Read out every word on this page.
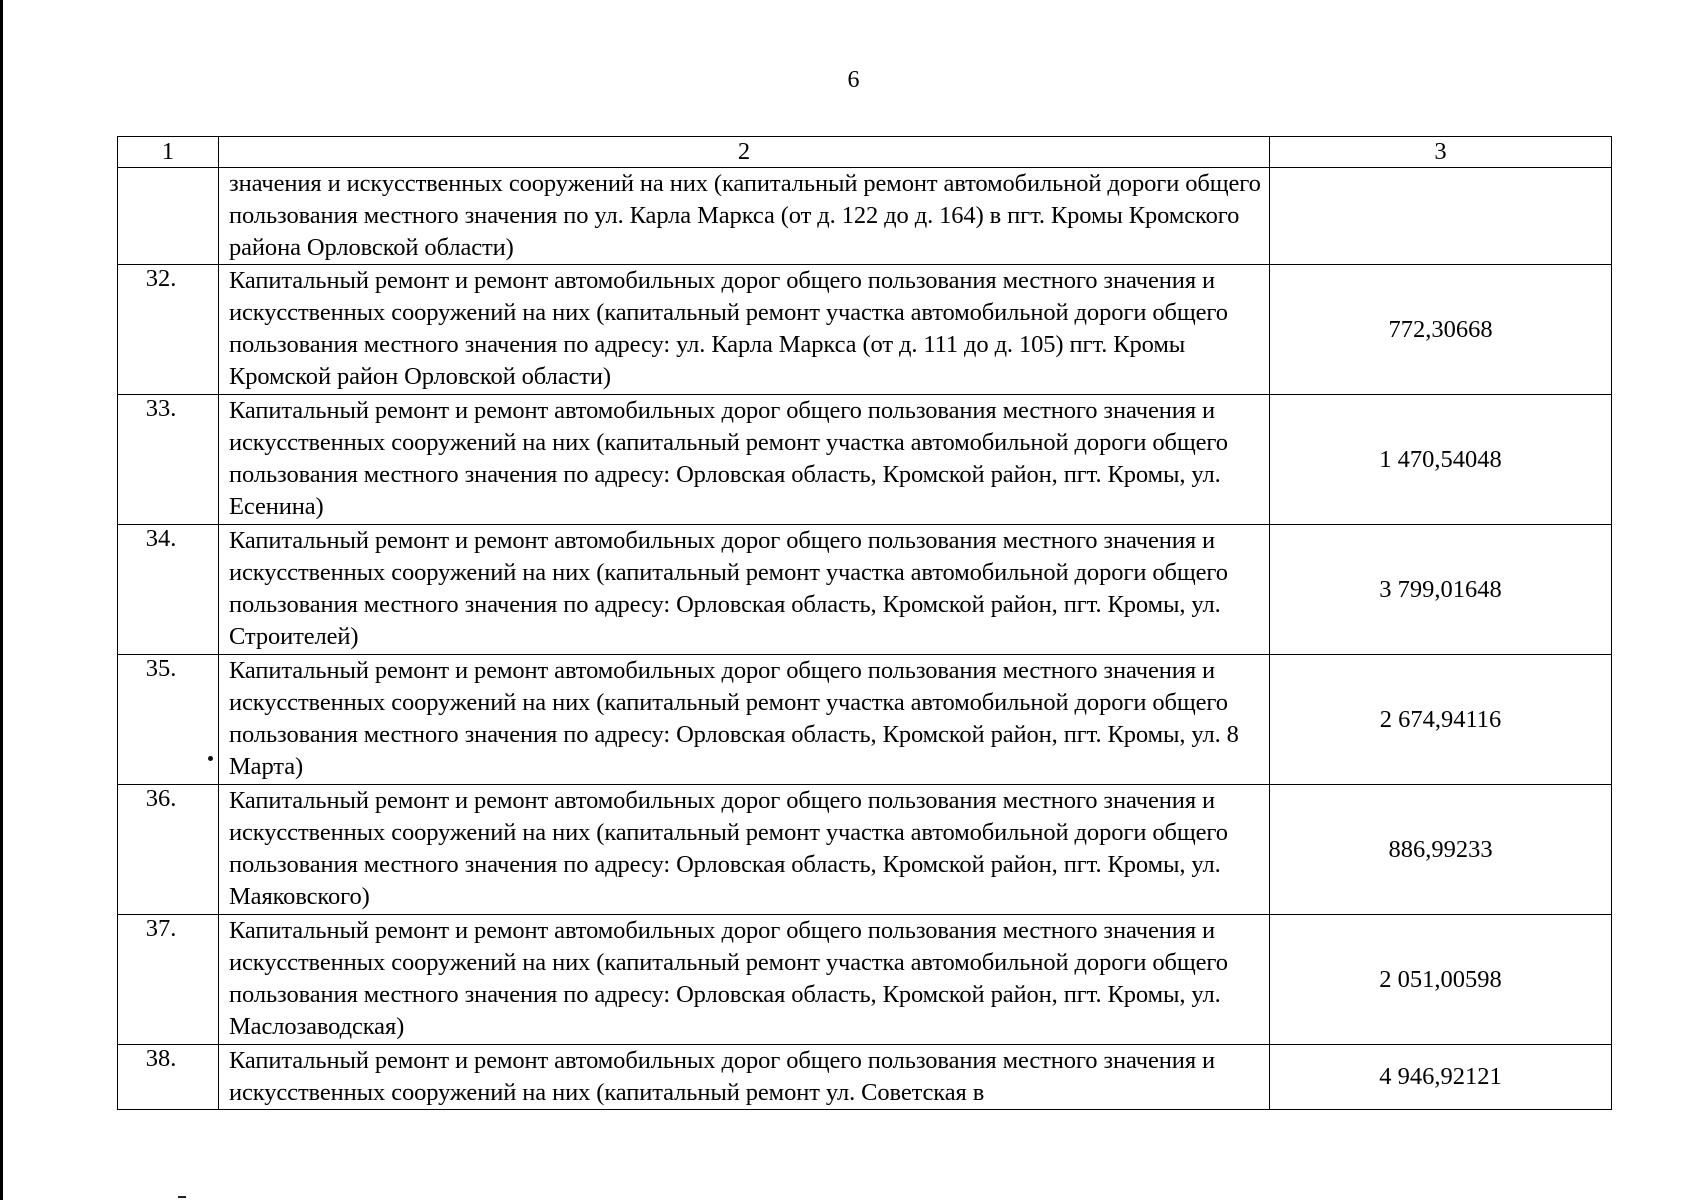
6
1	2	3
	значения и искусственных сооружений на них (капитальный ремонт автомобильной дороги общего пользования местного значения по ул. Карла Маркса (от д. 122 до д. 164) в пгт. Кромы Кромского района Орловской области)	
32.	Капитальный ремонт и ремонт автомобильных дорог общего пользования местного значения и искусственных сооружений на них (капитальный ремонт участка автомобильной дороги общего пользования местного значения по адресу: ул. Карла Маркса (от д. 111 до д. 105) пгт. Кромы Кромской район Орловской области)	772,30668
33.	Капитальный ремонт и ремонт автомобильных дорог общего пользования местного значения и искусственных сооружений на них (капитальный ремонт участка автомобильной дороги общего пользования местного значения по адресу: Орловская область, Кромской район, пгт. Кромы, ул. Есенина)	1 470,54048
34.	Капитальный ремонт и ремонт автомобильных дорог общего пользования местного значения и искусственных сооружений на них (капитальный ремонт участка автомобильной дороги общего пользования местного значения по адресу: Орловская область, Кромской район, пгт. Кромы, ул. Строителей)	3 799,01648
35.	Капитальный ремонт и ремонт автомобильных дорог общего пользования местного значения и искусственных сооружений на них (капитальный ремонт участка автомобильной дороги общего пользования местного значения по адресу: Орловская область, Кромской район, пгт. Кромы, ул. 8 Марта)	2 674,94116
36.	Капитальный ремонт и ремонт автомобильных дорог общего пользования местного значения и искусственных сооружений на них (капитальный ремонт участка автомобильной дороги общего пользования местного значения по адресу: Орловская область, Кромской район, пгт. Кромы, ул. Маяковского)	886,99233
37.	Капитальный ремонт и ремонт автомобильных дорог общего пользования местного значения и искусственных сооружений на них (капитальный ремонт участка автомобильной дороги общего пользования местного значения по адресу: Орловская область, Кромской район, пгт. Кромы, ул. Маслозаводская)	2 051,00598
38.	Капитальный ремонт и ремонт автомобильных дорог общего пользования местного значения и искусственных сооружений на них (капитальный ремонт ул. Советская в	4 946,92121
